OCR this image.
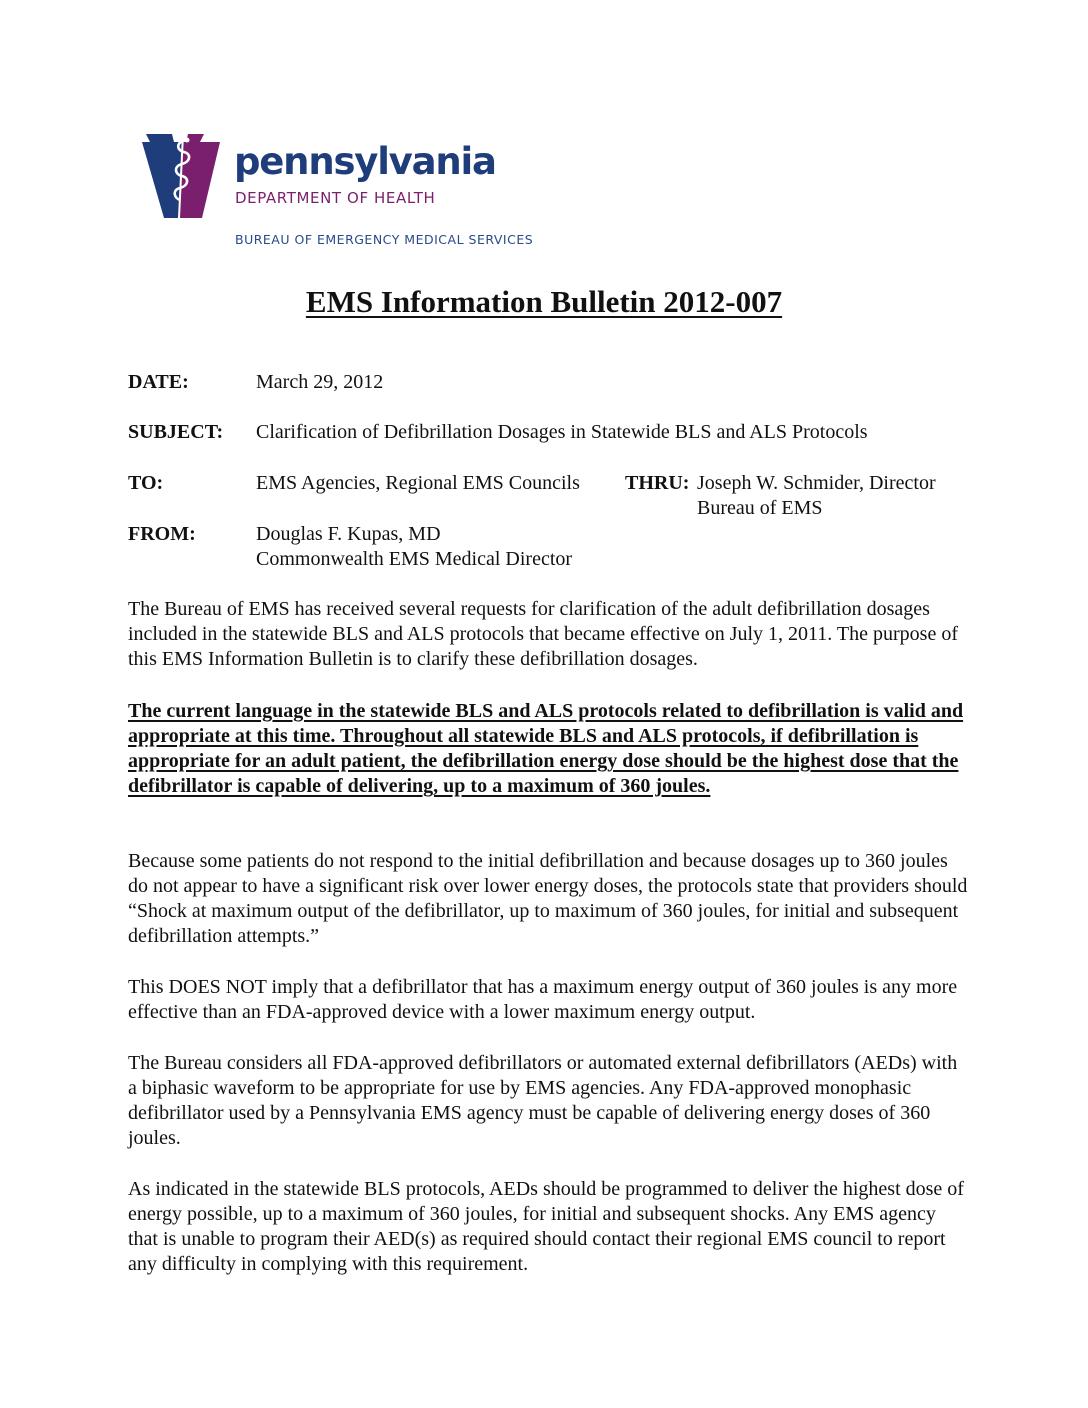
pennsylvania
DEPARTMENT OF HEALTH
BUREAU OF EMERGENCY MEDICAL SERVICES
EMS Information Bulletin 2012-007
DATE:	March 29, 2012
SUBJECT: Clarification of Defibrillation Dosages in Statewide BLS and ALS Protocols
TO:	EMS Agencies, Regional EMS Councils THRU: Joseph W. Schmider, Director
Bureau of EMS
FROM:	Douglas F. Kupas, MD
Commonwealth EMS Medical Director

The Bureau of EMS has received several requests for clarification of the adult defibrillation dosages included in the statewide BLS and ALS protocols that became effective on July 1, 2011. The purpose of this EMS Information Bulletin is to clarify these defibrillation dosages.

The current language in the statewide BLS and ALS protocols related to defibrillation is valid and appropriate at this time. Throughout all statewide BLS and ALS protocols, if defibrillation is appropriate for an adult patient, the defibrillation energy dose should be the highest dose that the defibrillator is capable of delivering, up to a maximum of 360 joules.

Because some patients do not respond to the initial defibrillation and because dosages up to 360 joules do not appear to have a significant risk over lower energy doses, the protocols state that providers should “Shock at maximum output of the defibrillator, up to maximum of 360 joules, for initial and subsequent defibrillation attempts.”

This DOES NOT imply that a defibrillator that has a maximum energy output of 360 joules is any more effective than an FDA-approved device with a lower maximum energy output.

The Bureau considers all FDA-approved defibrillators or automated external defibrillators (AEDs) with a biphasic waveform to be appropriate for use by EMS agencies. Any FDA-approved monophasic defibrillator used by a Pennsylvania EMS agency must be capable of delivering energy doses of 360 joules.

As indicated in the statewide BLS protocols, AEDs should be programmed to deliver the highest dose of energy possible, up to a maximum of 360 joules, for initial and subsequent shocks. Any EMS agency that is unable to program their AED(s) as required should contact their regional EMS council to report any difficulty in complying with this requirement.
